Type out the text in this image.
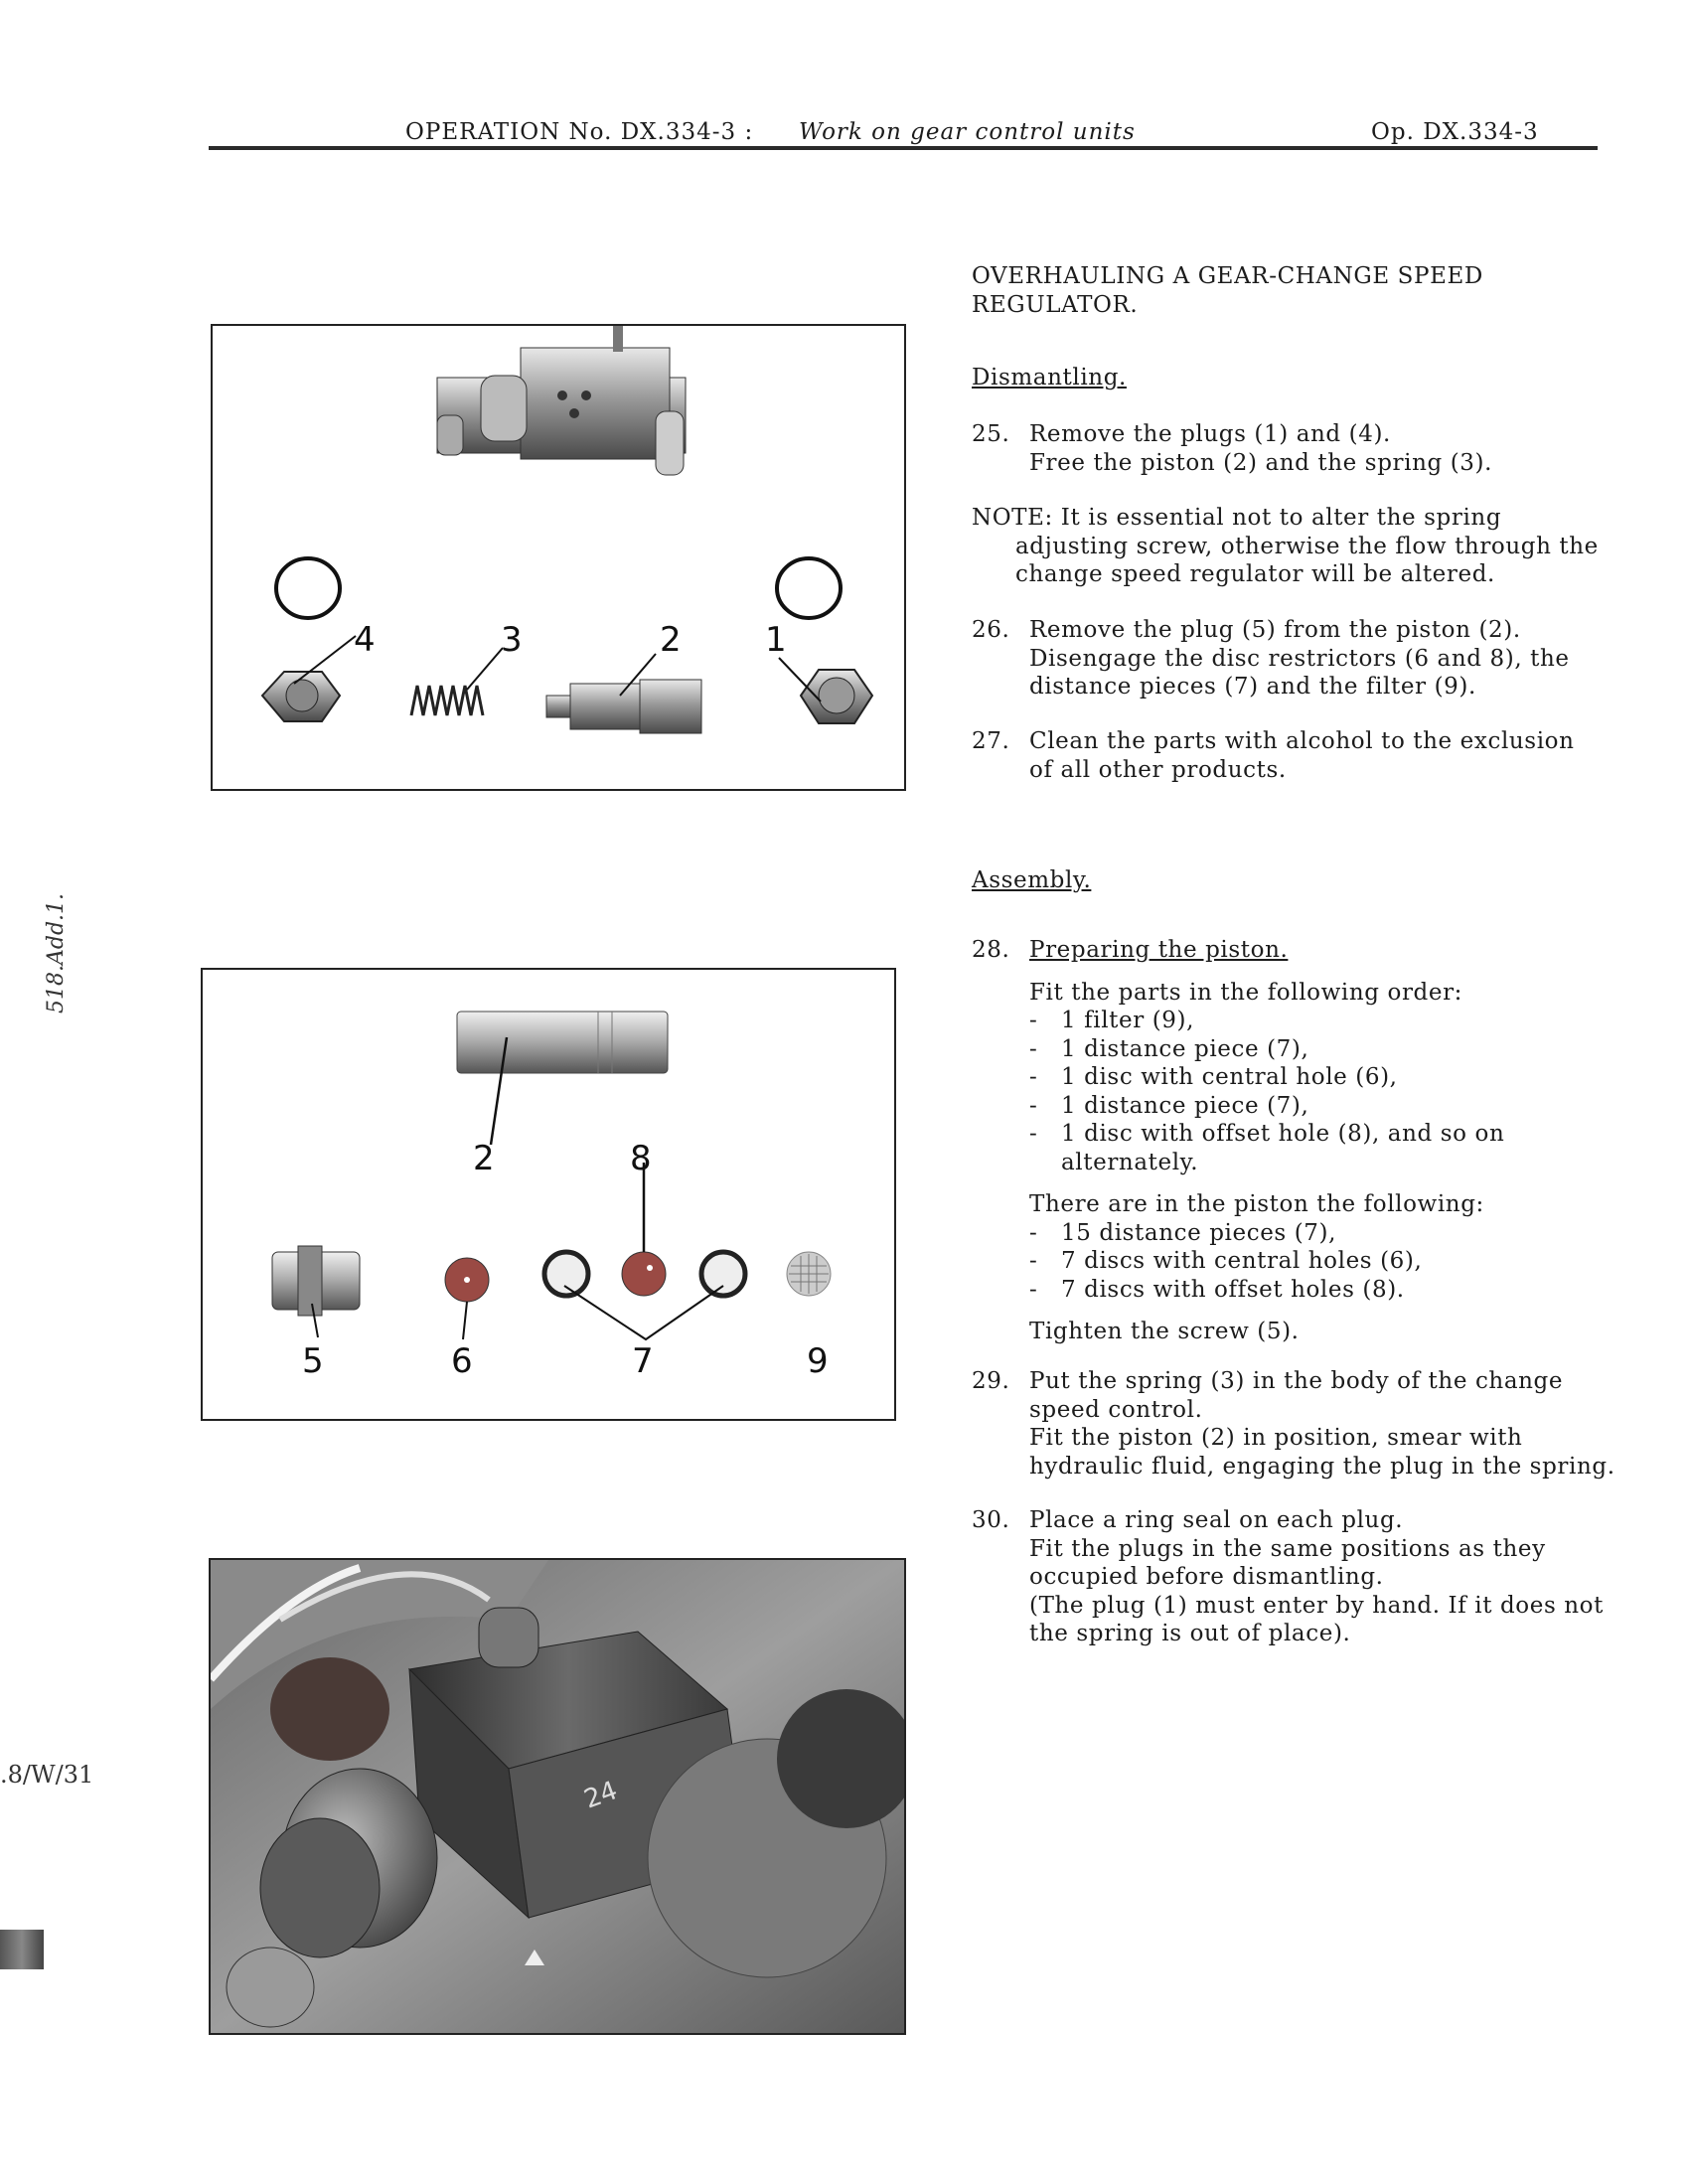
OPERATION No. DX.334-3 : Work on gear control units	Op. DX.334-3
518.Add.1.
.8/W/31
4	3	2 1
2	8
5	6	7	9
24
OVERHAULING A GEAR-CHANGE SPEED
REGULATOR.
Dismantling.
25. Remove the plugs (1) and (4).
Free the piston (2) and the spring (3).
NOTE: It is essential not to alter the spring
adjusting screw, otherwise the flow through the
change speed regulator will be altered.
26. Remove the plug (5) from the piston (2).
Disengage the disc restrictors (6 and 8), the
distance pieces (7) and the filter (9).
27. Clean the parts with alcohol to the exclusion
of all other products.
Assembly.
28. Preparing the piston.
Fit the parts in the following order:
-	1 filter (9),
-	1 distance piece (7),
-	1 disc with central hole (6),
-	1 distance piece (7),
-	1 disc with offset hole (8), and so on
alternately.
There are in the piston the following:
-	15 distance pieces (7),
-	7 discs with central holes (6),
-	7 discs with offset holes (8).
Tighten the screw (5).
29. Put the spring (3) in the body of the change
speed control.
Fit the piston (2) in position, smear with
hydraulic fluid, engaging the plug in the spring.
30. Place a ring seal on each plug.
Fit the plugs in the same positions as they
occupied before dismantling.
(The plug (1) must enter by hand. If it does not
the spring is out of place).
